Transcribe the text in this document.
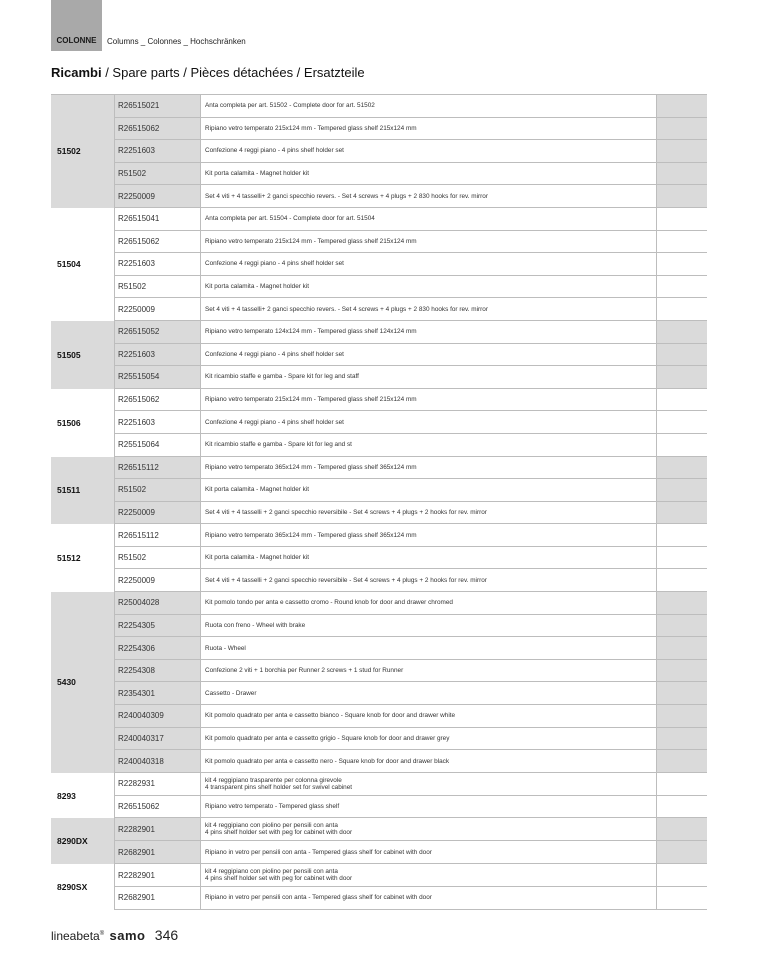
COLONNE	Columns _ Colonnes _ Hochschränken
Ricambi / Spare parts / Pièces détachées / Ersatzteile
51502
R26515021	Anta completa per art. 51502 - Complete door for art. 51502
R26515062	Ripiano vetro temperato 215x124 mm - Tempered glass shelf 215x124 mm
R2251603	Confezione 4 reggi piano - 4 pins shelf holder set
R51502	Kit porta calamita - Magnet holder kit
R2250009	Set 4 viti + 4 tasselli+ 2 ganci specchio revers. - Set 4 screws + 4 plugs + 2 830 hooks for rev. mirror
51504
R26515041	Anta completa per art. 51504 - Complete door for art. 51504
R26515062	Ripiano vetro temperato 215x124 mm - Tempered glass shelf 215x124 mm
R2251603	Confezione 4 reggi piano - 4 pins shelf holder set
R51502	Kit porta calamita - Magnet holder kit
R2250009	Set 4 viti + 4 tasselli+ 2 ganci specchio revers. - Set 4 screws + 4 plugs + 2 830 hooks for rev. mirror
51505
R26515052	Ripiano vetro temperato 124x124 mm - Tempered glass shelf 124x124 mm
R2251603	Confezione 4 reggi piano - 4 pins shelf holder set
R25515054	Kit ricambio staffe e gamba - Spare kit for leg and staff
51506
R26515062	Ripiano vetro temperato 215x124 mm - Tempered glass shelf 215x124 mm
R2251603	Confezione 4 reggi piano - 4 pins shelf holder set
R25515064	Kit ricambio staffe e gamba - Spare kit for leg and st
51511
R26515112	Ripiano vetro temperato 365x124 mm - Tempered glass shelf 365x124 mm
R51502	Kit porta calamita - Magnet holder kit
R2250009	Set 4 viti + 4 tasselli + 2 ganci specchio reversibile - Set 4 screws + 4 plugs + 2 hooks for rev. mirror
51512
R26515112	Ripiano vetro temperato 365x124 mm - Tempered glass shelf 365x124 mm
R51502	Kit porta calamita - Magnet holder kit
R2250009	Set 4 viti + 4 tasselli + 2 ganci specchio reversibile - Set 4 screws + 4 plugs + 2 hooks for rev. mirror
5430
R25004028	Kit pomolo tondo per anta e cassetto cromo - Round knob for door and drawer chromed
R2254305	Ruota con freno - Wheel with brake
R2254306	Ruota - Wheel
R2254308	Confezione 2 viti + 1 borchia per Runner 2 screws + 1 stud for Runner
R2354301	Cassetto - Drawer
R240040309	Kit pomolo quadrato per anta e cassetto bianco - Square knob for door and drawer white
R240040317	Kit pomolo quadrato per anta e cassetto grigio - Square knob for door and drawer grey
R240040318	Kit pomolo quadrato per anta e cassetto nero - Square knob for door and drawer black
8293
R2282931	kit 4 reggipiano trasparente per colonna girevole
4 transparent pins shelf holder set for swivel cabinet
R26515062	Ripiano vetro temperato - Tempered glass shelf
8290DX
R2282901	kit 4 reggipiano con piolino per pensili con anta
4 pins shelf holder set with peg for cabinet with door
R2682901	Ripiano in vetro per pensili con anta - Tempered glass shelf for cabinet with door
8290SX
R2282901	kit 4 reggipiano con piolino per pensili con anta
4 pins shelf holder set with peg for cabinet with door
R2682901	Ripiano in vetro per pensili con anta - Tempered glass shelf for cabinet with door
lineabeta® samo 346
